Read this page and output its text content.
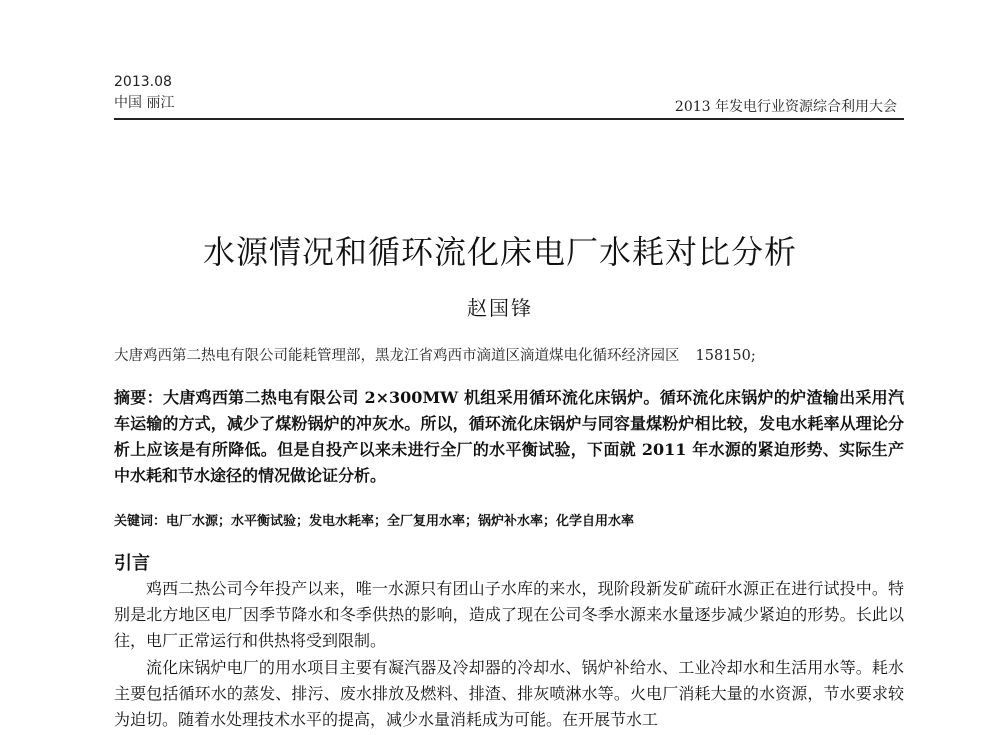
2013.08
中国 丽江	2013 年发电行业资源综合利用大会
水源情况和循环流化床电厂水耗对比分析
赵国锋
大唐鸡西第二热电有限公司能耗管理部，黑龙江省鸡西市滴道区滴道煤电化循环经济园区 158150;
摘要：大唐鸡西第二热电有限公司 2×300MW 机组采用循环流化床锅炉。循环流化床锅炉的炉渣输出采用汽车运输的方式，减少了煤粉锅炉的冲灰水。所以，循环流化床锅炉与同容量煤粉炉相比较，发电水耗率从理论分析上应该是有所降低。但是自投产以来未进行全厂的水平衡试验，下面就 2011 年水源的紧迫形势、实际生产中水耗和节水途径的情况做论证分析。
关键词：电厂水源；水平衡试验；发电水耗率；全厂复用水率；锅炉补水率；化学自用水率
引言

鸡西二热公司今年投产以来，唯一水源只有团山子水库的来水，现阶段新发矿疏矸水源正在进行试投中。特别是北方地区电厂因季节降水和冬季供热的影响，造成了现在公司冬季水源来水量逐步减少紧迫的形势。长此以往，电厂正常运行和供热将受到限制。

流化床锅炉电厂的用水项目主要有凝汽器及冷却器的冷却水、锅炉补给水、工业冷却水和生活用水等。耗水主要包括循环水的蒸发、排污、废水排放及燃料、排渣、排灰喷淋水等。火电厂消耗大量的水资源，节水要求较为迫切。随着水处理技术水平的提高，减少水量消耗成为可能。在开展节水工
